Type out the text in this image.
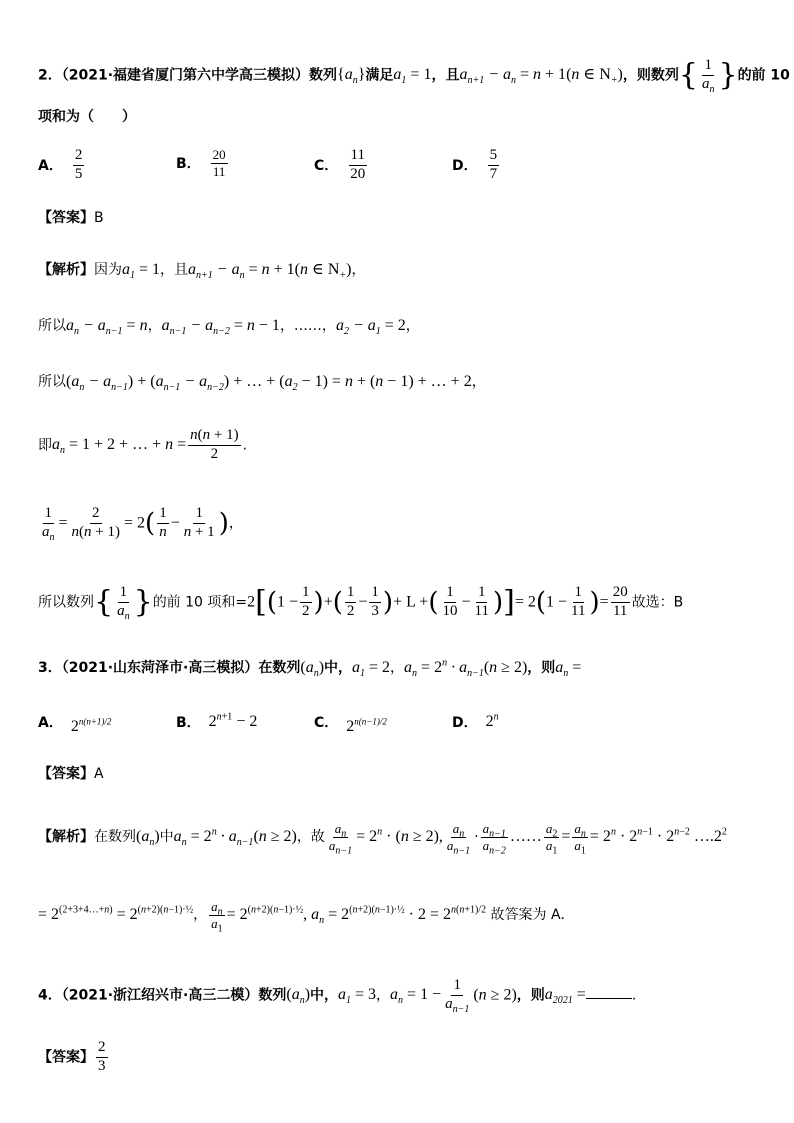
2．（2021·福建省厦门第六中学高三模拟）数列$\{a_n\}$满足$a_1 = 1$，且$a_{n+1} - a_n = n + 1(n$ ∈ $N_+$)，则数列{ $\frac{1}{a_n}$ }的前 10
项和为（　　）
A． $\frac{2}{5}$	B． $\frac{20}{11}$	C． $\frac{11}{20}$	D． $\frac{5}{7}$
【答案】B
【解析】因为$a_1 = 1$，且$a_{n+1} - a_n = n + 1(n$ ∈ $N_+$)，
所以$a_n - a_{n-1} = n$，$a_{n-1} - a_{n-2} = n - 1$，……，$a_2 - a_1 = 2$，
所以$(a_n - a_{n-1}) + (a_{n-1} - a_{n-2})$ + … + $(a_2 - 1) = n + (n - 1)$ + … + 2，
即$a_n = 1 + 2$ + … + $n = \frac{n(n + 1)}{2}$ .
$\frac{1}{a_n} = \frac{2}{n(n + 1)} = 2( \frac{1}{n} - \frac{1}{n + 1}$ )，
所以数列{ $\frac{1}{a_n}$ }的前 10 项和$=2[(1 - \frac{1}{2}$ )+( $\frac{1}{2} - \frac{1}{3}$ )+ L +( $\frac{1}{10} - \frac{1}{11}$ )]= $2(1 - \frac{1}{11}$ )= $\frac{20}{11}$ 故选：B
3．（2021·山东菏泽市·高三模拟）在数列$(a_n)$中，$a_1 = 2$，$a_n = 2^n \cdot a_{n-1}(n \ge 2)$，则$a_n$ =
A． $2^{n(n+1)/2}$	B． $2^{n+1} - 2$	C． $2^{n(n-1)/2}$	D． 2$^n$
【答案】A
【解析】在数列$(a_n)$中$a_n = 2^n \cdot a_{n-1}(n \ge 2)$，故 $\frac{a_n}{a_{n-1}} = 2^n \cdot (n \ge 2)$, $\frac{a_n}{a_{n-1}} \cdot \frac{a_{n-1}}{a_{n-2}}$ …… $\frac{a_2}{a_1} = \frac{a_n}{a_1} = 2^n \cdot 2^{n-1} \cdot 2^{n-2}$ $\dots.2^2$
= $2^{(2+3+4\dots+n)} = 2^{(n+2)(n-1)\cdot\frac{1}{2}}$， $\frac{a_n}{a_1} = 2^{(n+2)(n-1)\cdot\frac{1}{2}}$, $a_n = 2^{(n+2)(n-1)\cdot\frac{1}{2}} \cdot 2 = 2^{n(n+1)/2}$ 故答案为 A．
4．（2021·浙江绍兴市·高三二模）数列$(a_n)$中，$a_1 = 3$，$a_n = 1 - \frac{1}{a_{n-1}} (n \ge 2)$，则$a_{2021}$ =	.
【答案】 $\frac{2}{3}$
